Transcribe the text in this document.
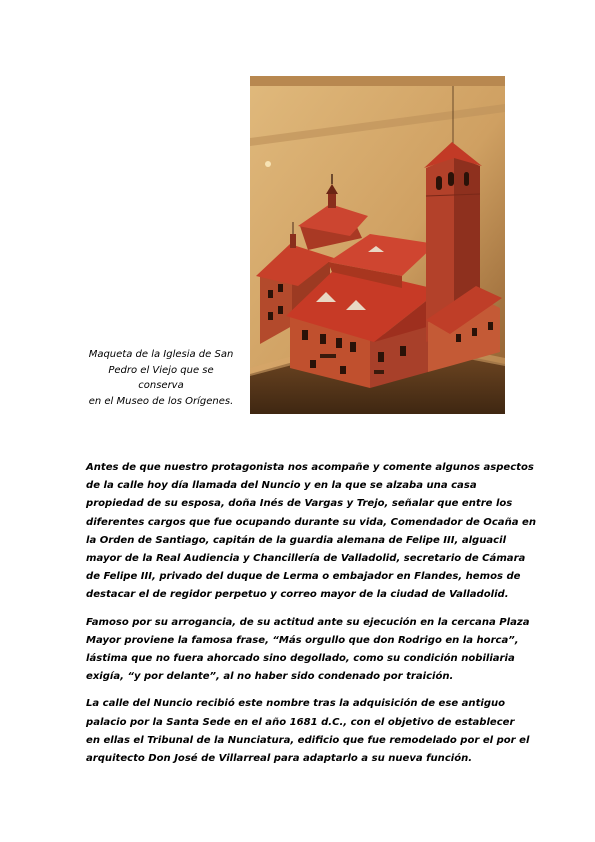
Maqueta de la Iglesia de San
Pedro el Viejo que se conserva
en el Museo de los Orígenes.

Antes de que nuestro protagonista nos acompañe y comente algunos aspectos
de la calle hoy día llamada del Nuncio y en la que se alzaba una casa
propiedad de su esposa, doña Inés de Vargas y Trejo, señalar que entre los
diferentes cargos que fue ocupando durante su vida, Comendador de Ocaña en
la Orden de Santiago, capitán de la guardia alemana de Felipe III, alguacil
mayor de la Real Audiencia y Chancillería de Valladolid, secretario de Cámara
de Felipe III, privado del duque de Lerma o embajador en Flandes, hemos de
destacar el de regidor perpetuo y correo mayor de la ciudad de Valladolid.

Famoso por su arrogancia, de su actitud ante su ejecución en la cercana Plaza
Mayor proviene la famosa frase, “Más orgullo que don Rodrigo en la horca”,
lástima que no fuera ahorcado sino degollado, como su condición nobiliaria
exigía, “y por delante”, al no haber sido condenado por traición.

La calle del Nuncio recibió este nombre tras la adquisición de ese antiguo
palacio por la Santa Sede en el año 1681 d.C., con el objetivo de establecer
en ellas el Tribunal de la Nunciatura, edificio que fue remodelado por el por el
arquitecto Don José de Villarreal para adaptarlo a su nueva función.
